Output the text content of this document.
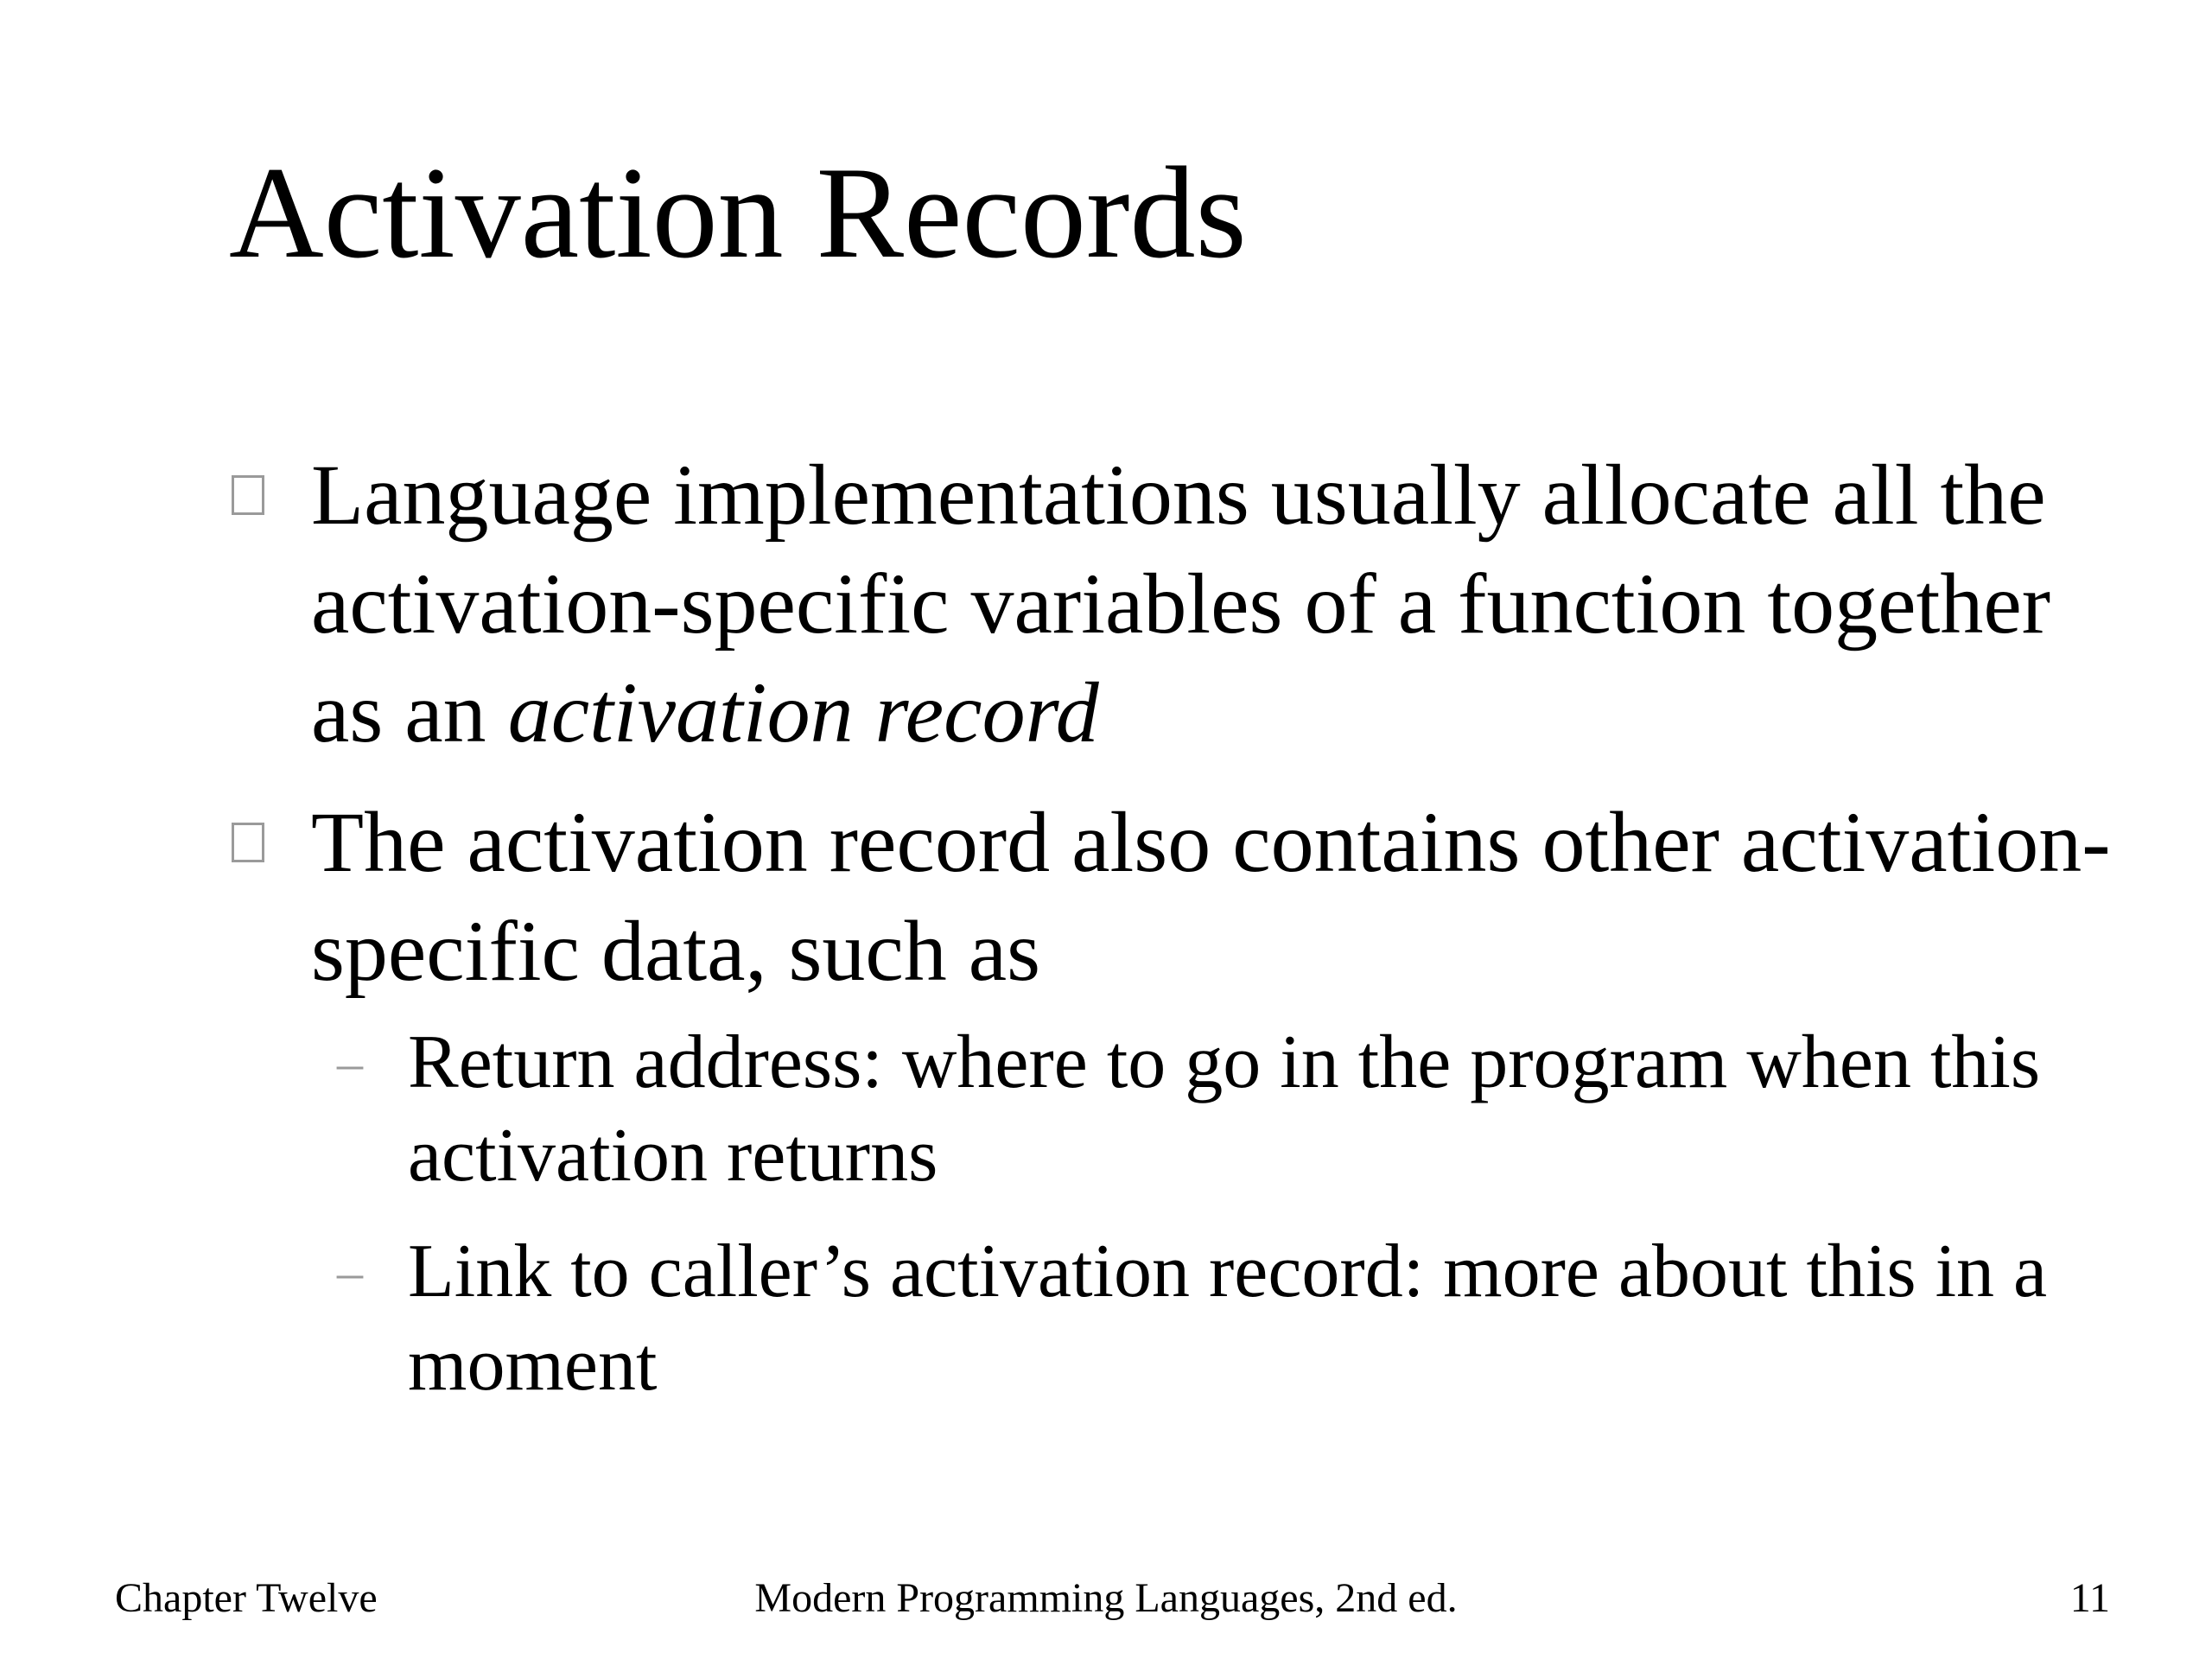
Activation Records

Language implementations usually allocate all the activation-specific variables of a function together as an activation record

The activation record also contains other activation-specific data, such as

– Return address: where to go in the program when this activation returns

– Link to caller’s activation record: more about this in a moment

Chapter Twelve	Modern Programming Languages, 2nd ed.	11
